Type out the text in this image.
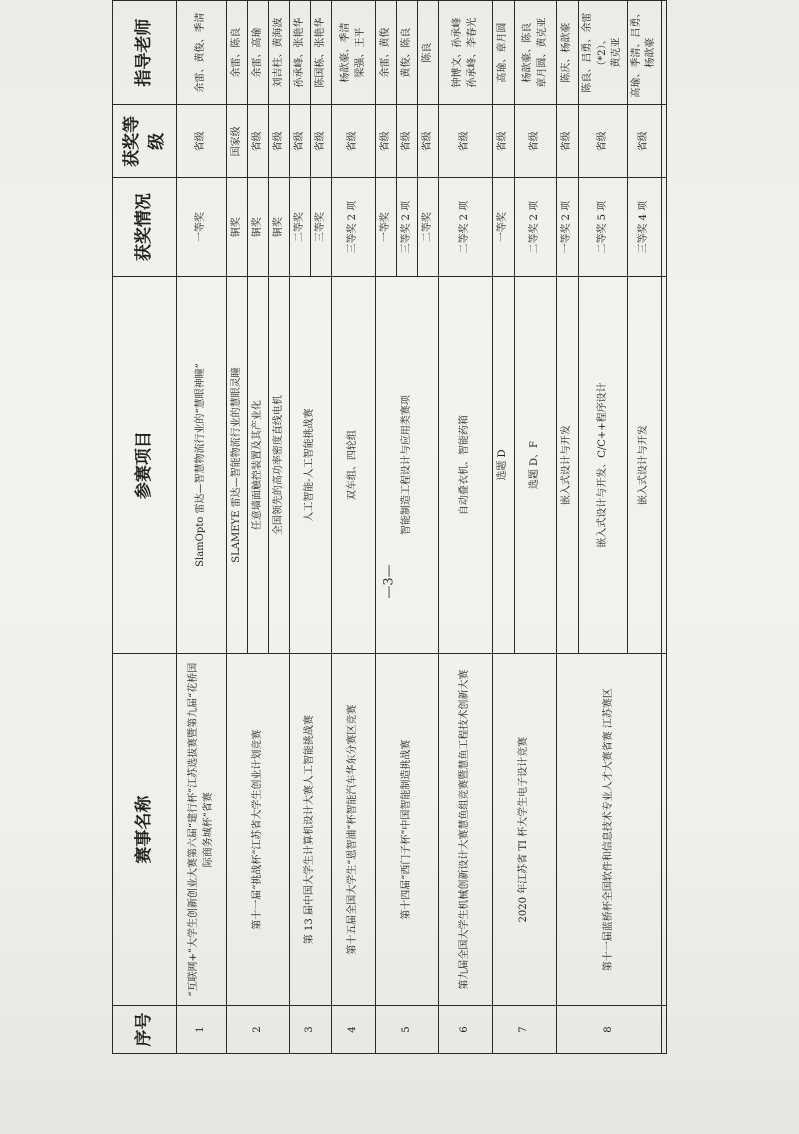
序号	赛事名称	参赛项目	获奖情况	获奖等级	指导老师
1	“互联网+”大学生创新创业大赛第六届“建行杯”江苏选拔赛暨第九届“花桥国际商务城杯”省赛	SlamOpto 雷达—智慧物流行业的“慧眼神瞳”	一等奖	省级	余雷、黄俊、季清
2	第十一届“挑战杯”江苏省大学生创业计划竞赛	SLAMEYE 雷达—智能物流行业的慧眼灵瞳	铜奖	国家级	余雷、陈良
		任意墙面触控装置及其产业化	铜奖	省级	余雷、高瑜
		全国领先的高功率密度直线电机	铜奖	省级	刘吉柱、黄海波
3	第 13 届中国大学生计算机设计大赛人工智能挑战赛	人工智能-人工智能挑战赛	二等奖	省级	孙承峰、张艳华
			三等奖	省级	陈国栋、张艳华
4	第十五届全国大学生“恩智浦”杯智能汽车华东分赛区竞赛	双车组、四轮组	三等奖 2 项	省级	杨歆豪、季清 梁强、王平

5	第十四届“西门子杯”中国智能制造挑战赛	智能制造工程设计与应用类赛项	一等奖	省级	余雷、黄俊
			三等奖 2 项	省级	黄俊、陈良
			二等奖	省级	陈良
6	第九届全国大学生机械创新设计大赛慧鱼组竞赛暨慧鱼工程技术创新大赛	自动叠衣机、智能药箱	二等奖 2 项	省级	钟博文、孙承峰 孙承峰、李春光

7	2020 年江苏省 TI 杯大学生电子设计竞赛	选题 D	一等奖	省级	高瑜、章月圆
		选题 D、F	二等奖 2 项	省级	杨歆豪、陈良 章月圆、黄克亚

8	第十一届蓝桥杯全国软件和信息技术专业人才大赛省赛 江苏赛区	嵌入式设计与开发	一等奖 2 项	省级	陈庆、杨歆豪
		嵌入式设计与开发、C/C++程序设计	二等奖 5 项	省级	陈良、吕勇、余雷（*2）、 黄克亚

		嵌入式设计与开发	三等奖 4 项	省级	高瑜、季清、吕勇、杨歆豪

—3—
